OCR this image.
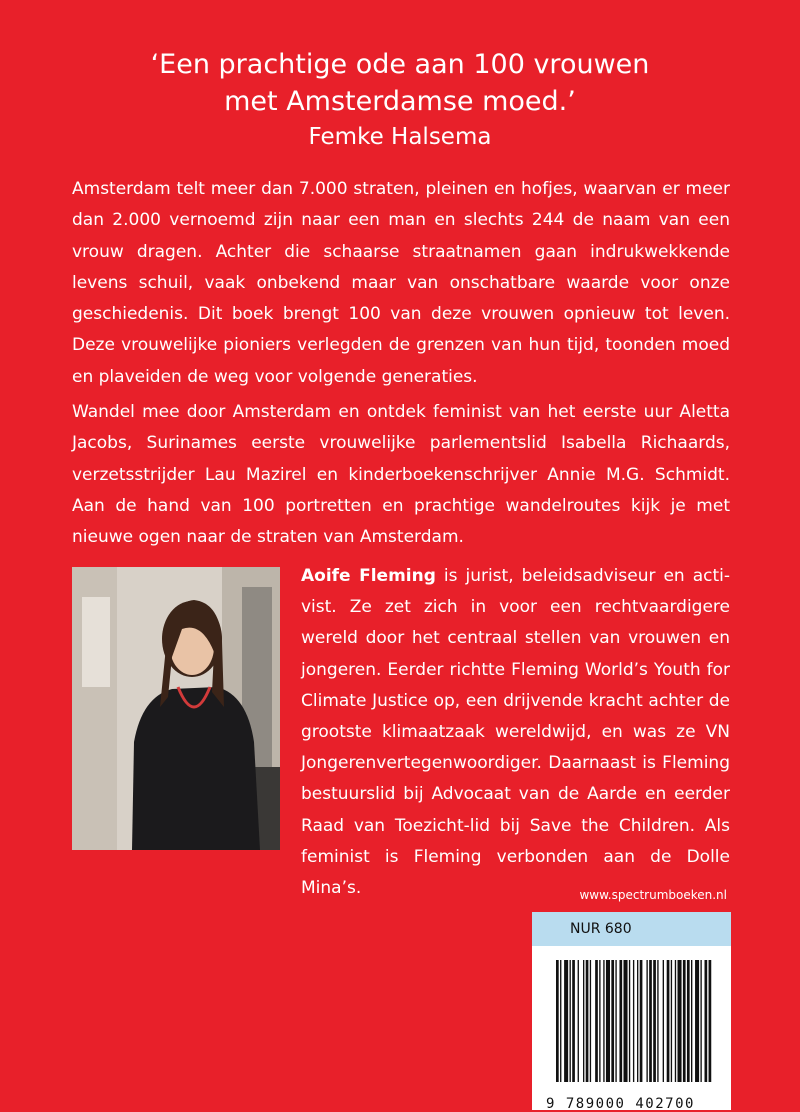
‘Een prachtige ode aan 100 vrouwen
met Amsterdamse moed.’
Femke Halsema

Amsterdam telt meer dan 7.000 straten, pleinen en hofjes, waarvan er meer dan 2.000 vernoemd zijn naar een man en slechts 244 de naam van een vrouw dragen. Achter die schaarse straatnamen gaan indrukwekkende levens schuil, vaak onbekend maar van onschatbare waarde voor onze geschiedenis. Dit boek brengt 100 van deze vrouwen opnieuw tot leven. Deze vrouwelijke pioniers verlegden de grenzen van hun tijd, toonden moed en plaveiden de weg voor volgende generaties.

Wandel mee door Amsterdam en ontdek feminist van het eerste uur Aletta Jacobs, Surinames eerste vrouwelijke parlementslid Isabella Richaards, verzetsstrijder Lau Mazirel en kinderboekenschrijver Annie M.G. Schmidt. Aan de hand van 100 portretten en prachtige wandelroutes kijk je met nieuwe ogen naar de straten van Amsterdam.

Aoife Fleming is jurist, beleidsadviseur en activist. Ze zet zich in voor een rechtvaardigere wereld door het centraal stellen van vrouwen en jongeren. Eerder richtte Fleming World’s Youth for Climate Justice op, een drijvende kracht achter de grootste klimaatzaak wereldwijd, en was ze VN Jongerenvertegenwoordiger. Daarnaast is Fleming bestuurslid bij Advocaat van de Aarde en eerder Raad van Toezicht-lid bij Save the Children. Als feminist is Fleming verbonden aan de Dolle Mina’s.	www.spectrumboeken.nl
NUR 680
9 789000 402700
